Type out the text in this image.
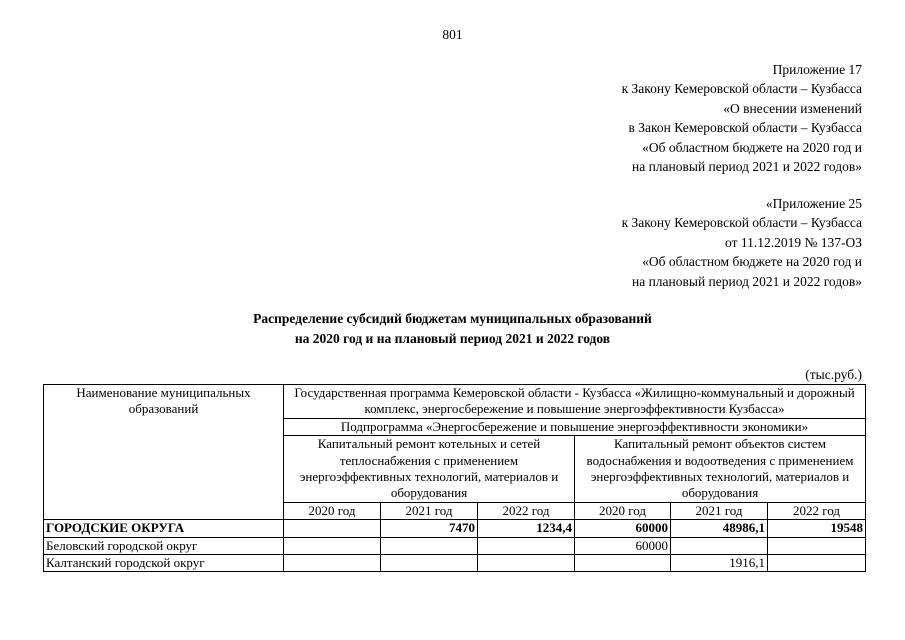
801
Приложение 17
к Закону Кемеровской области – Кузбасса
«О внесении изменений
в Закон Кемеровской области – Кузбасса
«Об областном бюджете на 2020 год и
на плановый период 2021 и 2022 годов»
«Приложение 25
к Закону Кемеровской области – Кузбасса
от 11.12.2019 № 137-ОЗ
«Об областном бюджете на 2020 год и
на плановый период 2021 и 2022 годов»
Распределение субсидий бюджетам муниципальных образований
на 2020 год и на плановый период 2021 и 2022 годов
(тыс.руб.)
Наименование муниципальных образований	Государственная программа Кемеровской области - Кузбасса «Жилищно-коммунальный и дорожный комплекс, энергосбережение и повышение энергоэффективности Кузбасса»					
	Подпрограмма «Энергосбережение и повышение энергоэффективности экономики»					
	Капитальный ремонт котельных и сетей теплоснабжения с применением энергоэффективных технологий, материалов и оборудования			Капитальный ремонт объектов систем водоснабжения и водоотведения с применением энергоэффективных технологий, материалов и оборудования		
	2020 год	2021 год	2022 год	2020 год	2021 год	2022 год
ГОРОДСКИЕ ОКРУГА		7470	1234,4	60000	48986,1	19548
Беловский городской округ				60000		
Калтанский городской округ					1916,1	
